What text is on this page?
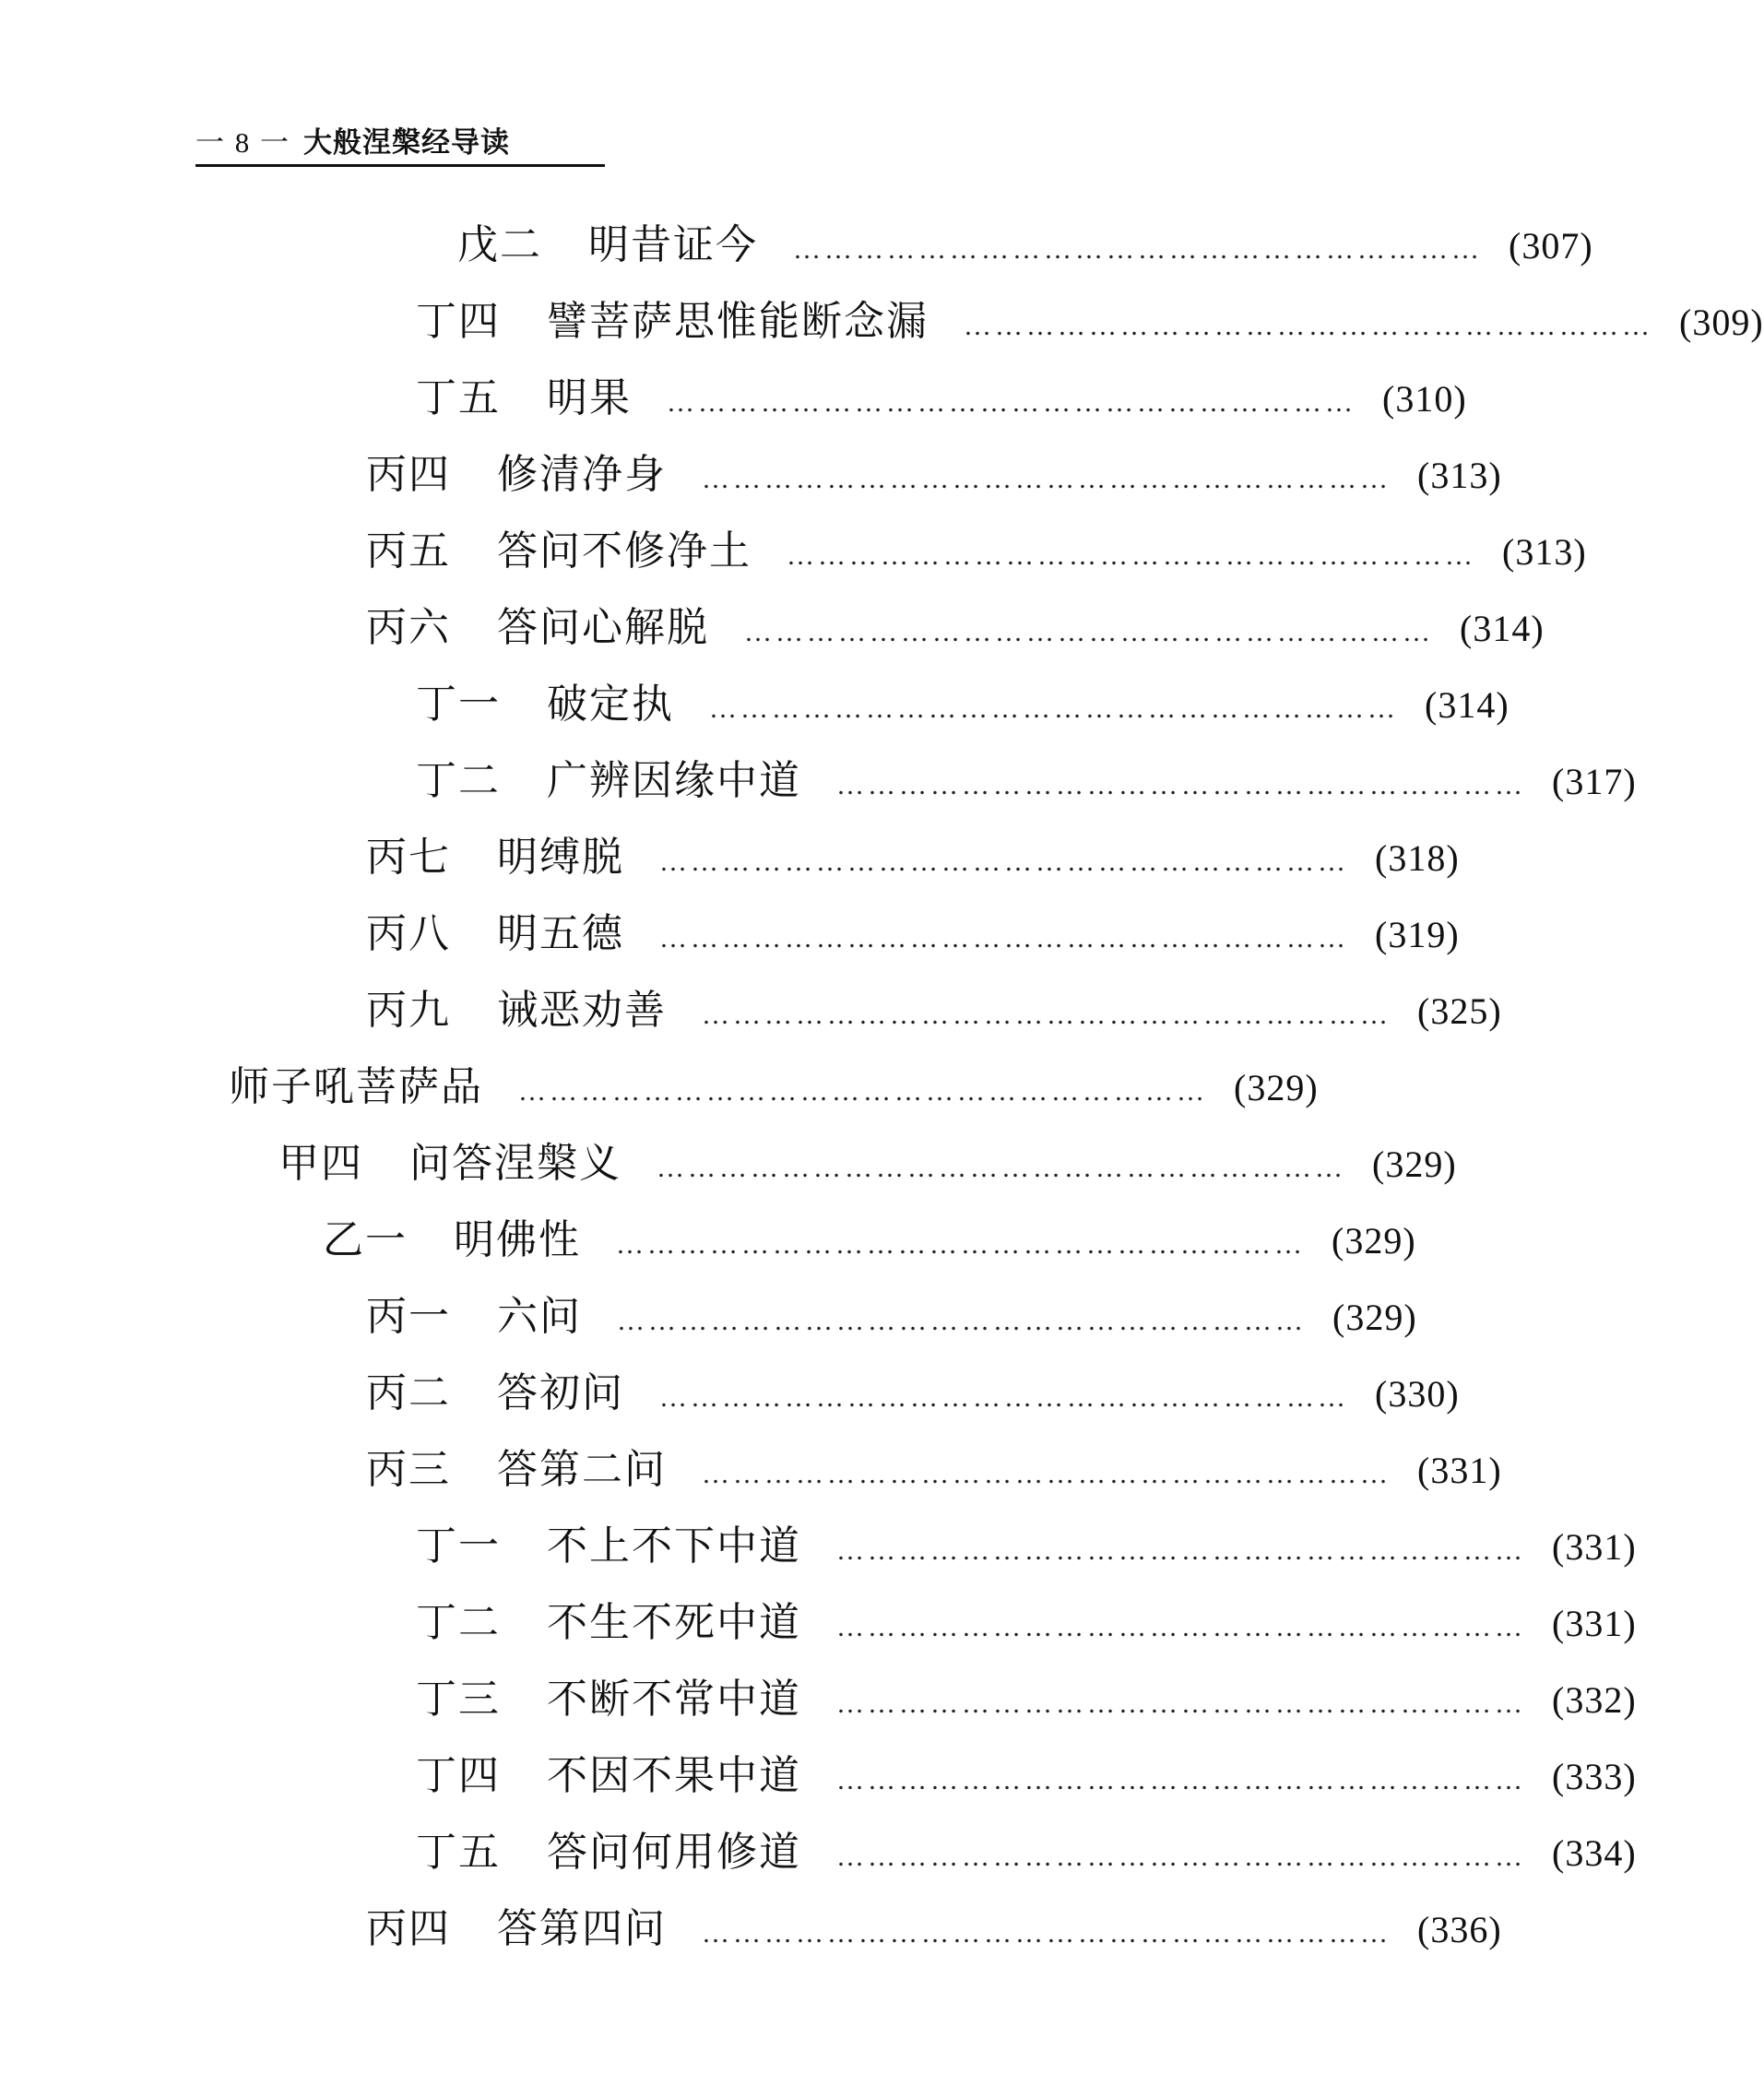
一 8 一 大般涅槃经导读
戊二 明昔证今 ………………………………………………………… (307)
丁四 譬菩萨思惟能断念漏 ………………………………………………………… (309)
丁五 明果 ………………………………………………………… (310)
丙四 修清净身 ………………………………………………………… (313)
丙五 答问不修净土 ………………………………………………………… (313)
丙六 答问心解脱 ………………………………………………………… (314)
丁一 破定执 ………………………………………………………… (314)
丁二 广辨因缘中道 ………………………………………………………… (317)
丙七 明缚脱 ………………………………………………………… (318)
丙八 明五德 ………………………………………………………… (319)
丙九 诫恶劝善 ………………………………………………………… (325)
师子吼菩萨品 ………………………………………………………… (329)
甲四 问答涅槃义 ………………………………………………………… (329)
乙一 明佛性 ………………………………………………………… (329)
丙一 六问 ………………………………………………………… (329)
丙二 答初问 ………………………………………………………… (330)
丙三 答第二问 ………………………………………………………… (331)
丁一 不上不下中道 ………………………………………………………… (331)
丁二 不生不死中道 ………………………………………………………… (331)
丁三 不断不常中道 ………………………………………………………… (332)
丁四 不因不果中道 ………………………………………………………… (333)
丁五 答问何用修道 ………………………………………………………… (334)
丙四 答第四问 ………………………………………………………… (336)
